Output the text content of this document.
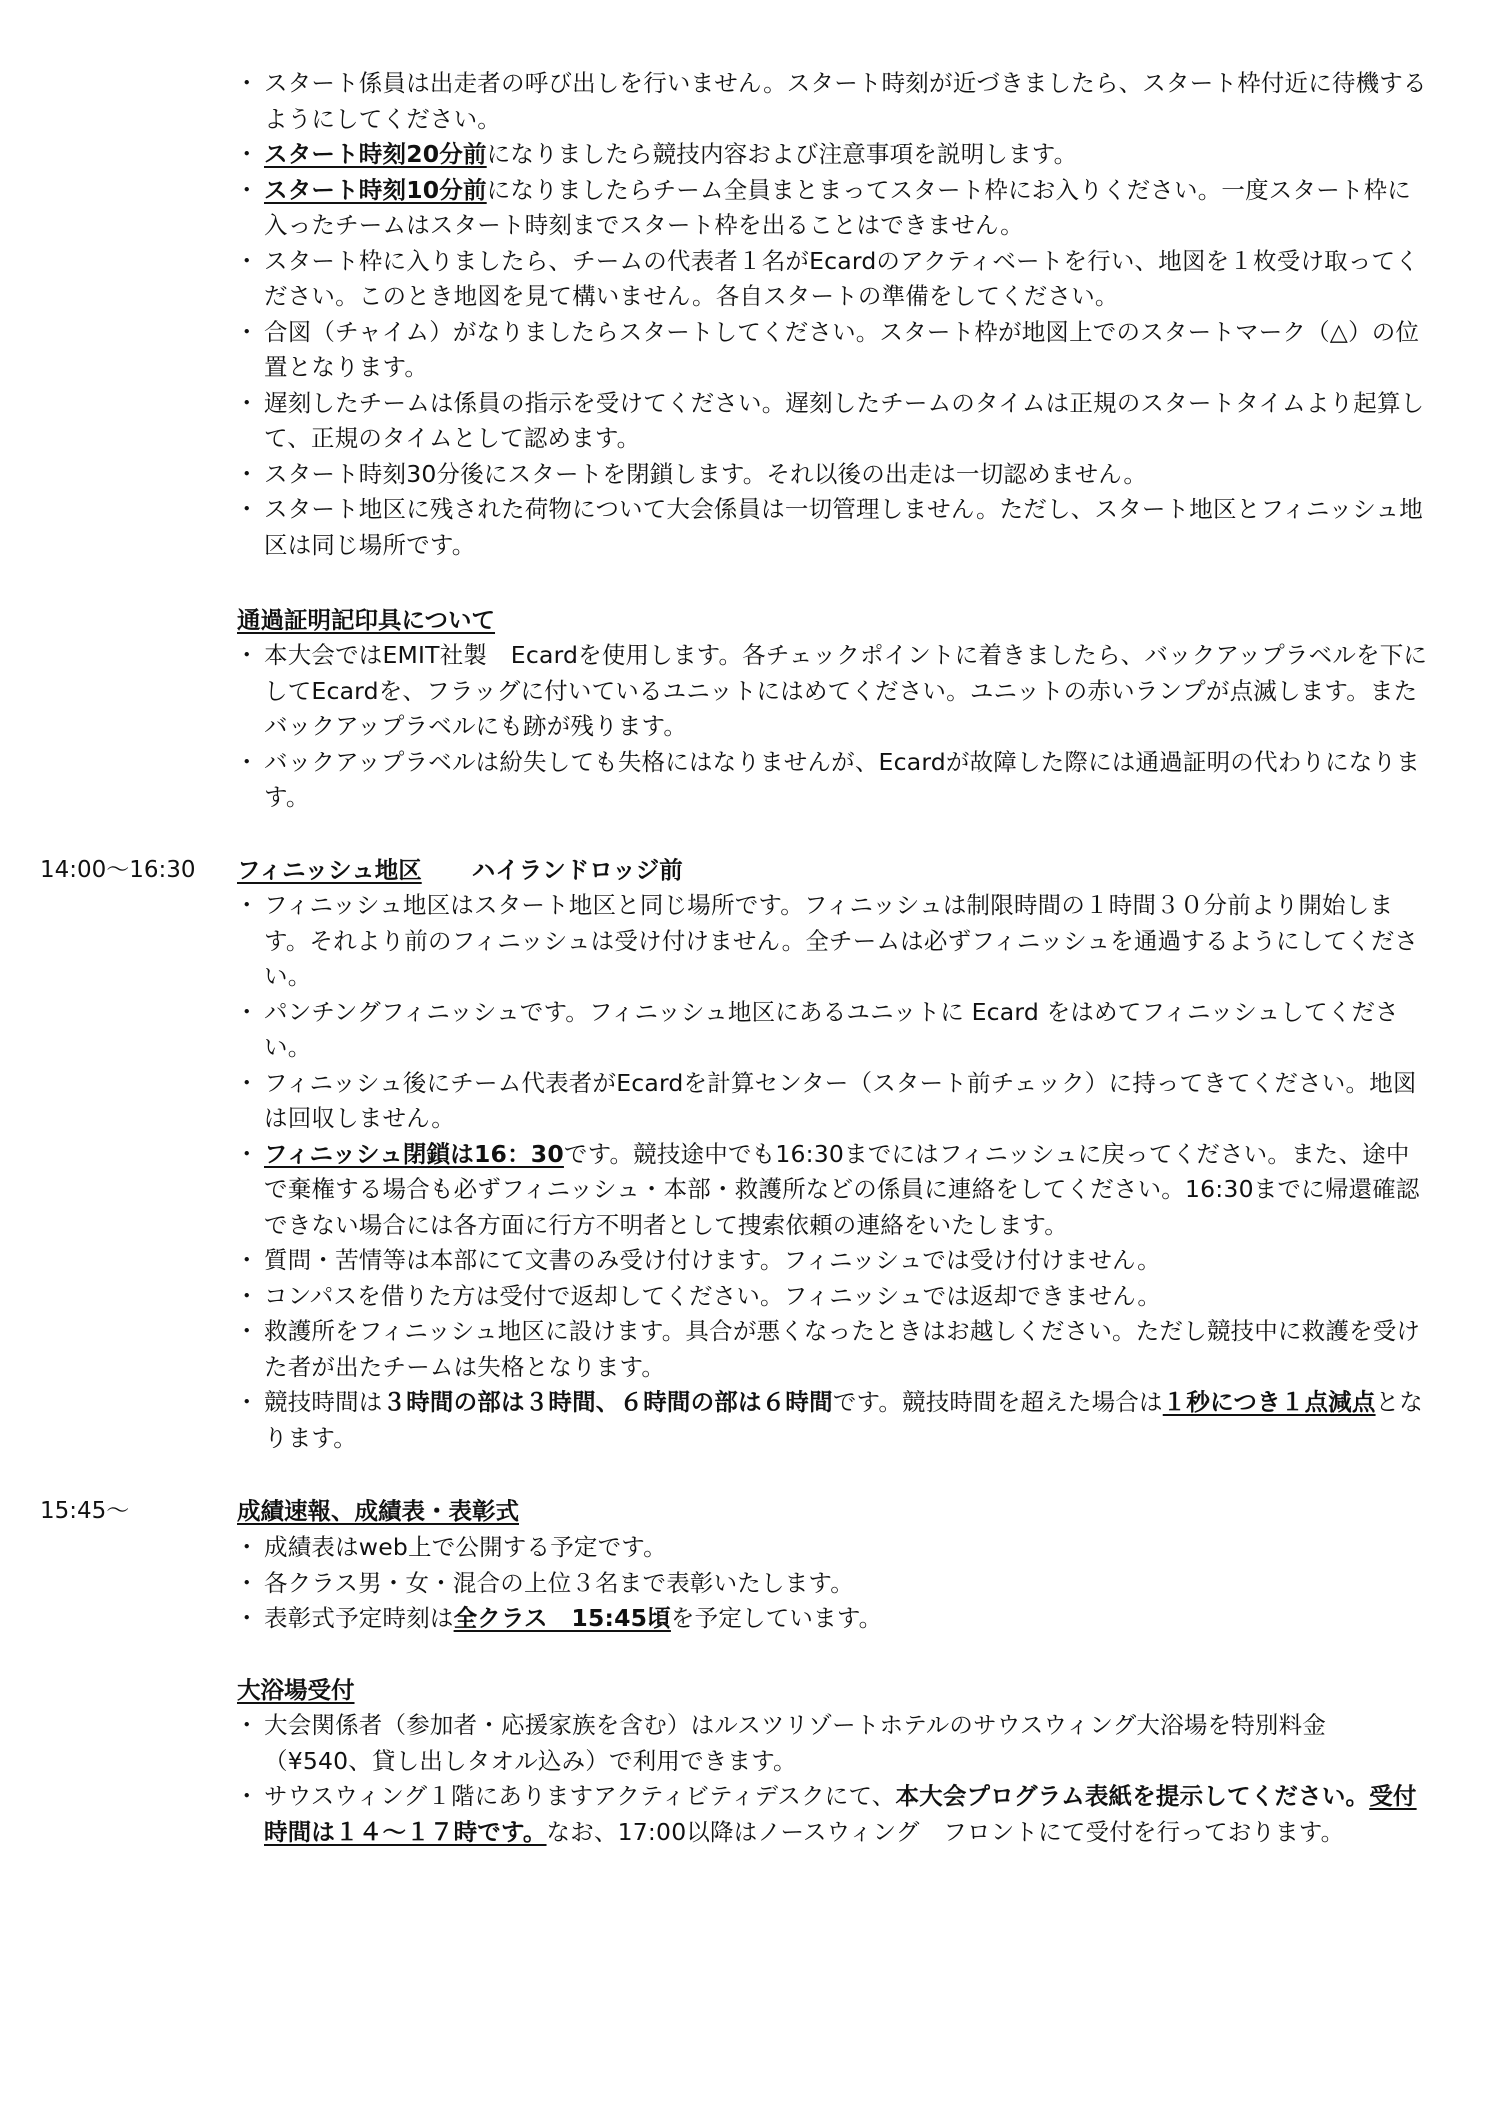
・ スタート係員は出走者の呼び出しを行いません。スタート時刻が近づきましたら、スタート枠付近に待機するようにしてください。
・ スタート時刻20分前になりましたら競技内容および注意事項を説明します。
・ スタート時刻10分前になりましたらチーム全員まとまってスタート枠にお入りください。一度スタート枠に入ったチームはスタート時刻までスタート枠を出ることはできません。
・ スタート枠に入りましたら、チームの代表者１名がEcardのアクティベートを行い、地図を１枚受け取ってください。このとき地図を見て構いません。各自スタートの準備をしてください。
・ 合図（チャイム）がなりましたらスタートしてください。スタート枠が地図上でのスタートマーク（△）の位置となります。
・ 遅刻したチームは係員の指示を受けてください。遅刻したチームのタイムは正規のスタートタイムより起算して、正規のタイムとして認めます。
・ スタート時刻30分後にスタートを閉鎖します。それ以後の出走は一切認めません。
・ スタート地区に残された荷物について大会係員は一切管理しません。ただし、スタート地区とフィニッシュ地区は同じ場所です。
通過証明記印具について
・ 本大会ではEMIT社製　Ecardを使用します。各チェックポイントに着きましたら、バックアップラベルを下にしてEcardを、フラッグに付いているユニットにはめてください。ユニットの赤いランプが点滅します。またバックアップラベルにも跡が残ります。
・ バックアップラベルは紛失しても失格にはなりませんが、Ecardが故障した際には通過証明の代わりになります。
14:00～16:30	フィニッシュ地区 ハイランドロッジ前
・ フィニッシュ地区はスタート地区と同じ場所です。フィニッシュは制限時間の１時間３０分前より開始します。それより前のフィニッシュは受け付けません。全チームは必ずフィニッシュを通過するようにしてください。
・ パンチングフィニッシュです。フィニッシュ地区にあるユニットに Ecard をはめてフィニッシュしてください。
・ フィニッシュ後にチーム代表者がEcardを計算センター（スタート前チェック）に持ってきてください。地図は回収しません。
・ フィニッシュ閉鎖は16：30です。競技途中でも16:30までにはフィニッシュに戻ってください。また、途中で棄権する場合も必ずフィニッシュ・本部・救護所などの係員に連絡をしてください。16:30までに帰還確認できない場合には各方面に行方不明者として捜索依頼の連絡をいたします。
・ 質問・苦情等は本部にて文書のみ受け付けます。フィニッシュでは受け付けません。
・ コンパスを借りた方は受付で返却してください。フィニッシュでは返却できません。
・ 救護所をフィニッシュ地区に設けます。具合が悪くなったときはお越しください。ただし競技中に救護を受けた者が出たチームは失格となります。
・ 競技時間は３時間の部は３時間、６時間の部は６時間です。競技時間を超えた場合は１秒につき１点減点となります。
15:45～	成績速報、成績表・表彰式
・ 成績表はweb上で公開する予定です。
・ 各クラス男・女・混合の上位３名まで表彰いたします。
・ 表彰式予定時刻は全クラス　15:45頃を予定しています。
大浴場受付
・ 大会関係者（参加者・応援家族を含む）はルスツリゾートホテルのサウスウィング大浴場を特別料金（¥540、貸し出しタオル込み）で利用できます。
・ サウスウィング１階にありますアクティビティデスクにて、本大会プログラム表紙を提示してください。受付時間は１４～１７時です。なお、17:00以降はノースウィング　フロントにて受付を行っております。
